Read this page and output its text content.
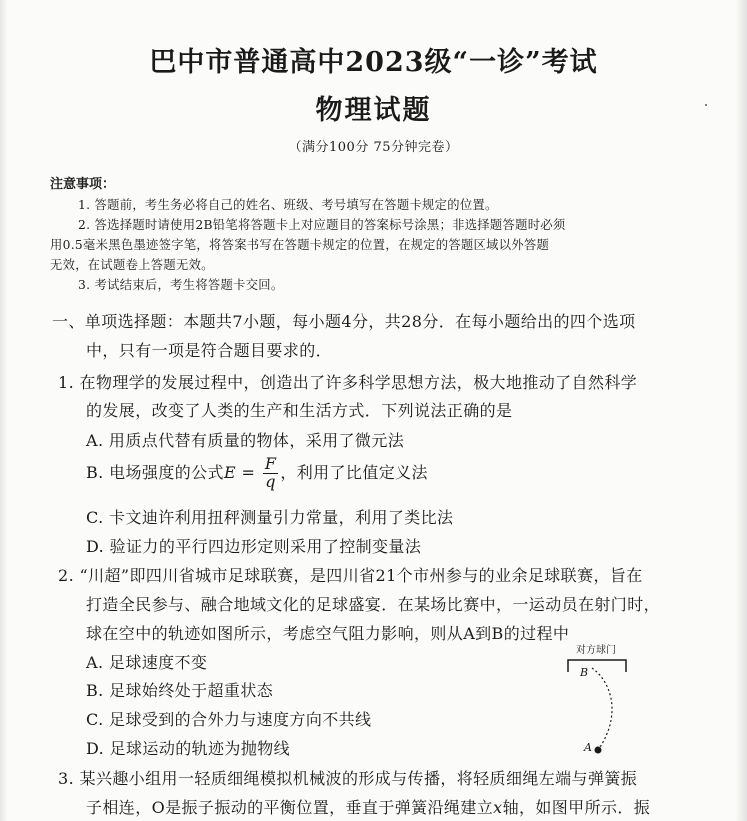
巴中市普通高中2023级“一诊”考试
物理试题
（满分100分 75分钟完卷）
注意事项：
1. 答题前，考生务必将自己的姓名、班级、考号填写在答题卡规定的位置。
2. 答选择题时请使用2B铅笔将答题卡上对应题目的答案标号涂黑；非选择题答题时必须
用0.5毫米黑色墨迹签字笔，将答案书写在答题卡规定的位置，在规定的答题区域以外答题
无效，在试题卷上答题无效。
3. 考试结束后，考生将答题卡交回。
一、单项选择题：本题共7小题，每小题4分，共28分．在每小题给出的四个选项
中，只有一项是符合题目要求的．
1. 在物理学的发展过程中，创造出了许多科学思想方法，极大地推动了自然科学
的发展，改变了人类的生产和生活方式．下列说法正确的是
A. 用质点代替有质量的物体，采用了微元法
B. 电场强度的公式$E = \frac{F}{q}$ ，利用了比值定义法
C. 卡文迪许利用扭秤测量引力常量，利用了类比法
D. 验证力的平行四边形定则采用了控制变量法
2. “川超”即四川省城市足球联赛，是四川省21个市州参与的业余足球联赛，旨在
打造全民参与、融合地域文化的足球盛宴．在某场比赛中，一运动员在射门时，
球在空中的轨迹如图所示，考虑空气阻力影响，则从A到B的过程中
A. 足球速度不变
B. 足球始终处于超重状态
C. 足球受到的合外力与速度方向不共线
D. 足球运动的轨迹为抛物线
对方球门
B
A
3. 某兴趣小组用一轻质细绳模拟机械波的形成与传播，将轻质细绳左端与弹簧振
子相连，O是振子振动的平衡位置，垂直于弹簧沿绳建立x轴，如图甲所示．振
